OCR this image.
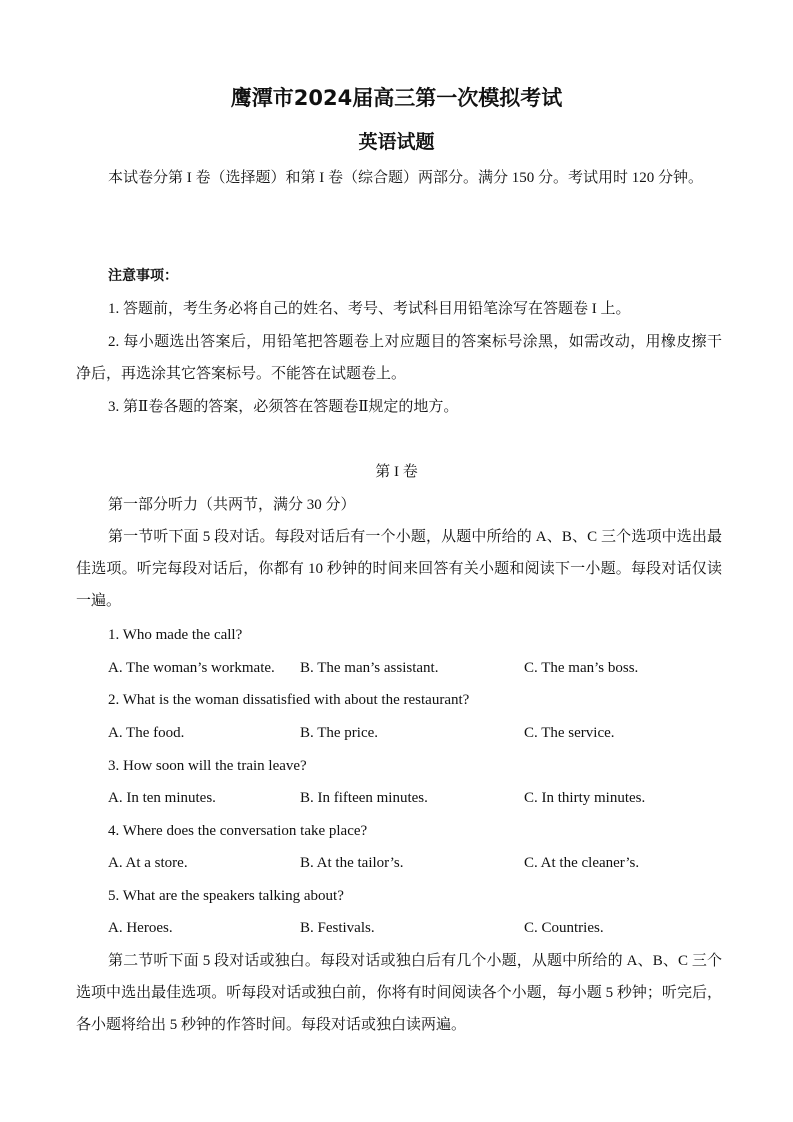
鹰潭市2024届高三第一次模拟考试
英语试题

本试卷分第 I 卷（选择题）和第 I 卷（综合题）两部分。满分 150 分。考试用时 120 分钟。

注意事项：

1. 答题前，考生务必将自己的姓名、考号、考试科目用铅笔涂写在答题卷 I 上。

2. 每小题选出答案后，用铅笔把答题卷上对应题目的答案标号涂黑，如需改动，用橡皮擦干净后，再选涂其它答案标号。不能答在试题卷上。

3. 第Ⅱ卷各题的答案，必须答在答题卷Ⅱ规定的地方。

第 I 卷

第一部分听力（共两节，满分 30 分）

第一节听下面 5 段对话。每段对话后有一个小题，从题中所给的 A、B、C 三个选项中选出最佳选项。听完每段对话后，你都有 10 秒钟的时间来回答有关小题和阅读下一小题。每段对话仅读一遍。

1. Who made the call?

A. The woman’s workmate. B. The man’s assistant.	C. The man’s boss.

2. What is the woman dissatisfied with about the restaurant?

A. The food.	B. The price.	C. The service.

3. How soon will the train leave?

A. In ten minutes.	B. In fifteen minutes.	C. In thirty minutes.

4. Where does the conversation take place?

A. At a store.	B. At the tailor’s.	C. At the cleaner’s.

5. What are the speakers talking about?

A. Heroes.	B. Festivals.	C. Countries.

第二节听下面 5 段对话或独白。每段对话或独白后有几个小题，从题中所给的 A、B、C 三个选项中选出最佳选项。听每段对话或独白前，你将有时间阅读各个小题，每小题 5 秒钟；听完后，各小题将给出 5 秒钟的作答时间。每段对话或独白读两遍。
